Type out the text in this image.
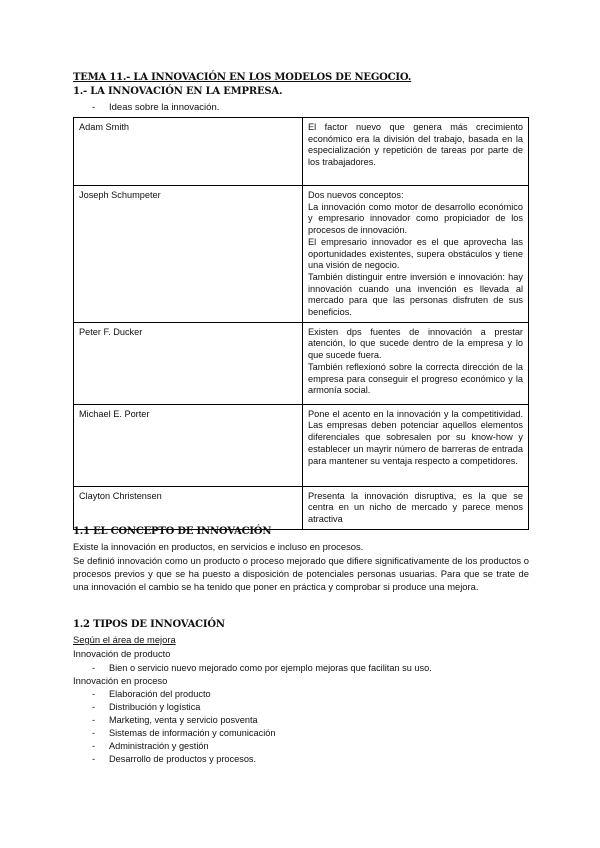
TEMA 11.- LA INNOVACIÓN EN LOS MODELOS DE NEGOCIO.
1.- LA INNOVACIÓN EN LA EMPRESA.
- Ideas sobre la innovación.
Adam Smith	El factor nuevo que genera más crecimiento económico era la división del trabajo, basada en la especialización y repetición de tareas por parte de los trabajadores.

Joseph Schumpeter	Dos nuevos conceptos:

La innovación como motor de desarrollo económico y empresario innovador como propiciador de los procesos de innovación.

El empresario innovador es el que aprovecha las oportunidades existentes, supera obstáculos y tiene una visión de negocio.

También distinguir entre inversión e innovación: hay innovación cuando una invención es llevada al mercado para que las personas disfruten de sus beneficios.

Peter F. Ducker	Existen dps fuentes de innovación a prestar atención, lo que sucede dentro de la empresa y lo que sucede fuera.

También reflexionó sobre la correcta dirección de la empresa para conseguir el progreso económico y la armonía social.

Michael E. Porter	Pone el acento en la innovación y la competitividad. Las empresas deben potenciar aquellos elementos diferenciales que sobresalen por su know-how y establecer un mayrir número de barreras de entrada para mantener su ventaja respecto a competidores.

Clayton Christensen	Presenta la innovación disruptiva, es la que se centra en un nicho de mercado y parece menos atractiva

1.1 EL CONCEPTO DE INNOVACIÓN
Existe la innovación en productos, en servicios e incluso en procesos.
Se definió innovación como un producto o proceso mejorado que difiere significativamente de los productos o procesos previos y que se ha puesto a disposición de potenciales personas usuarias. Para que se trate de una innovación el cambio se ha tenido que poner en práctica y comprobar si produce una mejora.
1.2 TIPOS DE INNOVACIÓN
Según el área de mejora
Innovación de producto
- Bien o servicio nuevo mejorado como por ejemplo mejoras que facilitan su uso.
Innovación en proceso
- Elaboración del producto
- Distribución y logística
- Marketing, venta y servicio posventa
- Sistemas de información y comunicación
- Administración y gestión
- Desarrollo de productos y procesos.
